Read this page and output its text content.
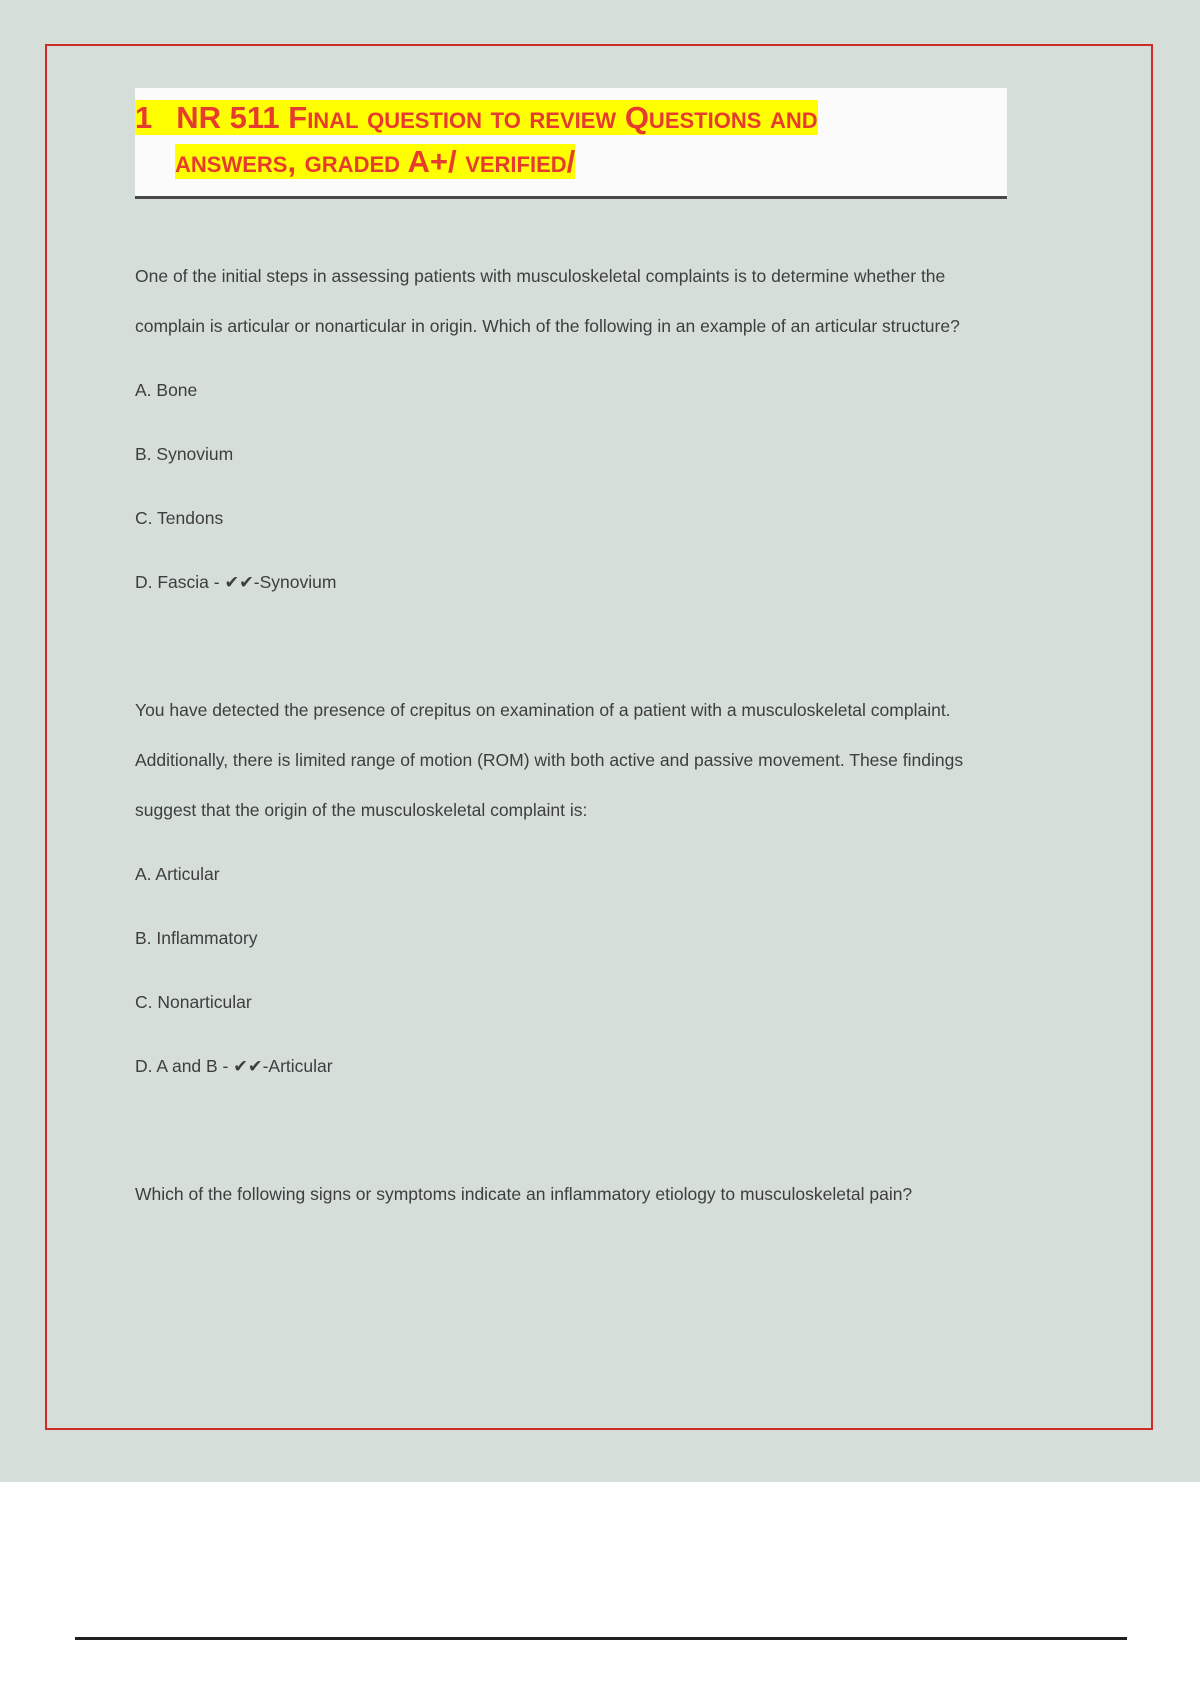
1 NR 511 Final question to review Questions and
answers, graded A+/ verified/

One of the initial steps in assessing patients with musculoskeletal complaints is to determine whether the complain is articular or nonarticular in origin. Which of the following in an example of an articular structure?

A. Bone

B. Synovium

C. Tendons

D. Fascia - ✔✔-Synovium

You have detected the presence of crepitus on examination of a patient with a musculoskeletal complaint. Additionally, there is limited range of motion (ROM) with both active and passive movement. These findings suggest that the origin of the musculoskeletal complaint is:

A. Articular

B. Inflammatory

C. Nonarticular

D. A and B - ✔✔-Articular

Which of the following signs or symptoms indicate an inflammatory etiology to musculoskeletal pain?
